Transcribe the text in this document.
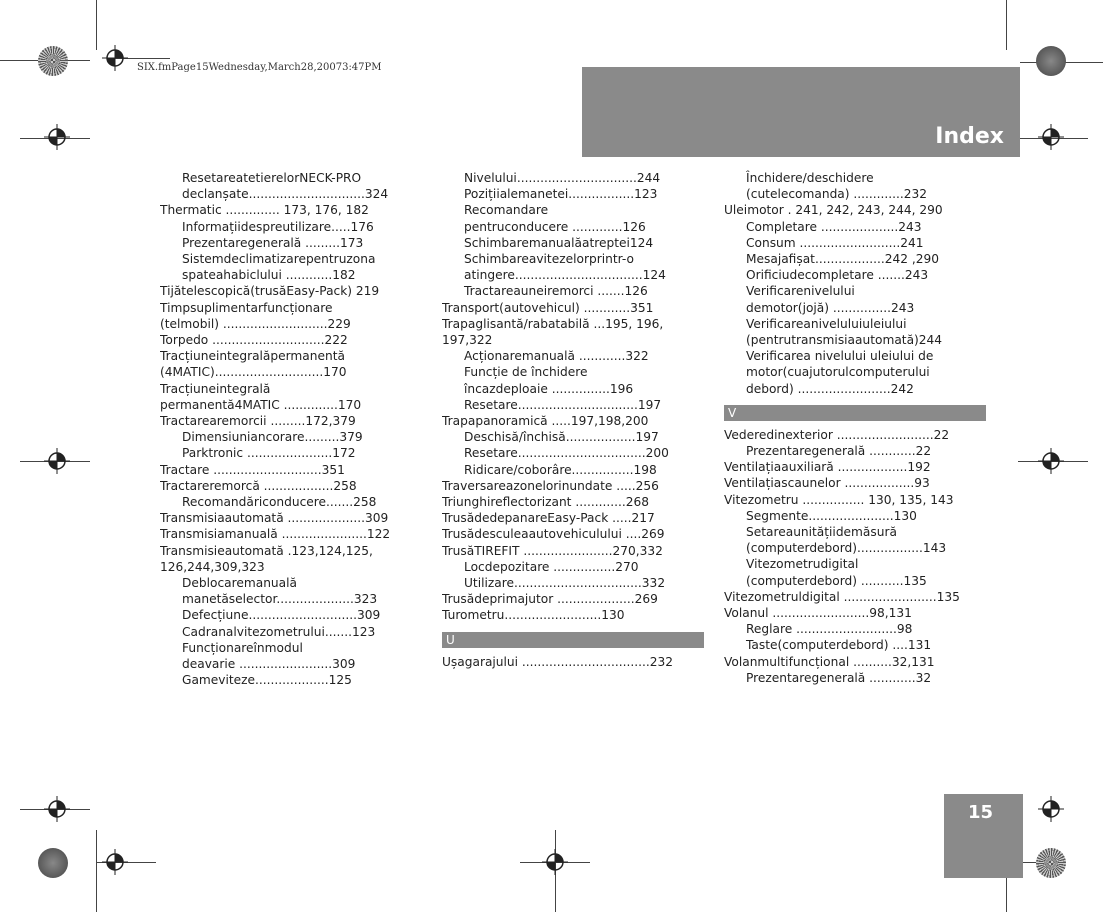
SIX.fmPage15Wednesday,March28,20073:47PM
Index
ResetareatetierelorNECK-PRO
declanșate..............................324
Thermatic .............. 173, 176, 182
Informațiidespreutilizare.....176
Prezentaregenerală .........173
Sistemdeclimatizarepentruzona
spateahabiclului ............182
Tijătelescopică(trusăEasy-Pack) 219
Timpsuplimentarfuncționare
(telmobil) ...........................229
Torpedo .............................222
Tracțiuneintegralăpermanentă
(4MATIC)............................170
Tracțiuneintegrală
permanentă4MATIC ..............170
Tractarearemorcii .........172,379
Dimensiuniancorare.........379
Parktronic ......................172
Tractare ............................351
Tractareremorcă ..................258
Recomandăriconducere.......258
Transmisiaautomată ....................309
Transmisiamanuală ......................122
Transmisieautomată .123,124,125,
126,244,309,323
Deblocaremanuală
manetăselector....................323
Defecțiune............................309
Cadranalvitezometrului.......123
Funcționareînmodul
deavarie ........................309
Gameviteze...................125
Nivelului...............................244
Pozițiialemanetei.................123
Recomandare
pentruconducere .............126
Schimbaremanualăatreptei124
Schimbareavitezelorprintr-o
atingere.................................124
Tractareauneiremorci .......126
Transport(autovehicul) ............351
Trapaglisantă/rabatabilă ...195, 196,
197,322
Acționaremanuală ............322
Funcție de închidere
încazdeploaie ...............196
Resetare...............................197
Trapapanoramică .....197,198,200
Deschisă/închisă..................197
Resetare.................................200
Ridicare/coborâre................198
Traversareazonelorinundate .....256
Triunghireflectorizant .............268
TrusădedepanareEasy-Pack .....217
Trusădesculeaautovehiculului ....269
TrusăTIREFIT .......................270,332
Locdepozitare ................270
Utilizare.................................332
Trusădeprimajutor ....................269
Turometru.........................130
U
Ușagarajului .................................232
Închidere/deschidere
(cutelecomanda) .............232
Uleimotor . 241, 242, 243, 244, 290
Completare ....................243
Consum ..........................241
Mesajafișat..................242 ,290
Orificiudecompletare .......243
Verificarenivelului
demotor(jojă) ...............243
Verificareaniveluluiuleiului
(pentrutransmisiaautomată)244
Verificarea nivelului uleiului de
motor(cuajutorulcomputerului
debord) ........................242
V
Vederedinexterior .........................22
Prezentaregenerală ............22
Ventilațiaauxiliară ..................192
Ventilațiascaunelor ..................93
Vitezometru ................ 130, 135, 143
Segmente......................130
Setareaunitățiidemăsură
(computerdebord).................143
Vitezometrudigital
(computerdebord) ...........135
Vitezometruldigital ........................135
Volanul .........................98,131
Reglare ..........................98
Taste(computerdebord) ....131
Volanmultifuncțional ..........32,131
Prezentaregenerală ............32
15
